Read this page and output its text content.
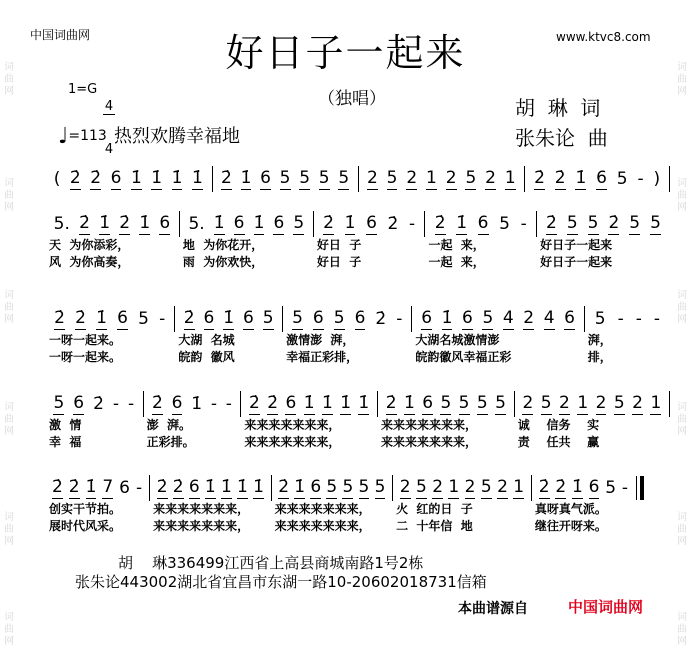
词曲网
词曲网
词曲网
词曲网
词曲网
词曲网
词曲网
词曲网
词曲网
词曲网
词曲网
词曲网
中国词曲网	www.ktvc8.com
好日子一起来
1=G

$\frac{4}{4}$

	（独唱）	胡  琳  词
张朱论  曲
♩=113 热烈欢腾幸福地
( 2̇ 2̇ 6 1̇ 1̇ 1̇ 1̇ 2̇ 1̇ 6 5 5 5 5 2 5 2 1 2 5 2 1 2̇ 2̇ 1̇ 6 5 - )
5. 2̇ 1̇ 2̇ 1̇ 6
天  为你添彩，
风  为你高奏，
5. 1̇ 6 1̇ 6 5
地  为你花开，
雨  为你欢快，
2̇ 1̇ 6 2̇ -
好日  子
好日  子
2̇ 1̇ 6 5 -
一起  来，
一起  来，
2̇ 5 5 2̇ 5 5
好日子一起来
好日子一起来
2̇ 2̇ 1̇ 6 5 -
一呀一起来。
一呀一起来。
2̇ 6 1̇ 6 5
大湖  名城
皖韵  徽风
5 6 5 6 2̇ -
激情澎  湃，
幸福正彩排，
6 1̇ 6 5 4 2 4 6
大湖名城激情澎
皖韵徽风幸福正彩
5 - - -
湃，
排，
5 6 2̇ - -
激  情
幸  福
2̇ 6 1̇ - -
澎  湃。
正彩排。
2̇ 2̇ 6 1̇ 1̇ 1̇ 1̇
来来来来来来来，
来来来来来来来，
2̇ 1̇ 6 5 5 5 5
来来来来来来来，
来来来来来来来，
2 5 2 1 2 5 2 1
诚    信务    实
责    任共    赢
2̇ 2̇ 1̇ 7 6 -
创实干节拍。
展时代风采。
2̇ 2̇ 6 1̇ 1̇ 1̇ 1̇
来来来来来来来，
来来来来来来来，
2̇ 1̇ 6 5 5 5 5
来来来来来来来，
来来来来来来来，
2 5 2 1 2 5 2 1
火  红的日  子
二  十年信  地
2̇ 2̇ 1̇ 6 5 -
真呀真气派。
继往开呀来。
胡    琳336499江西省上高县商城南路1号2栋
张朱论443002湖北省宜昌市东湖一路10-20602018731信箱
本曲谱源自	中国词曲网
